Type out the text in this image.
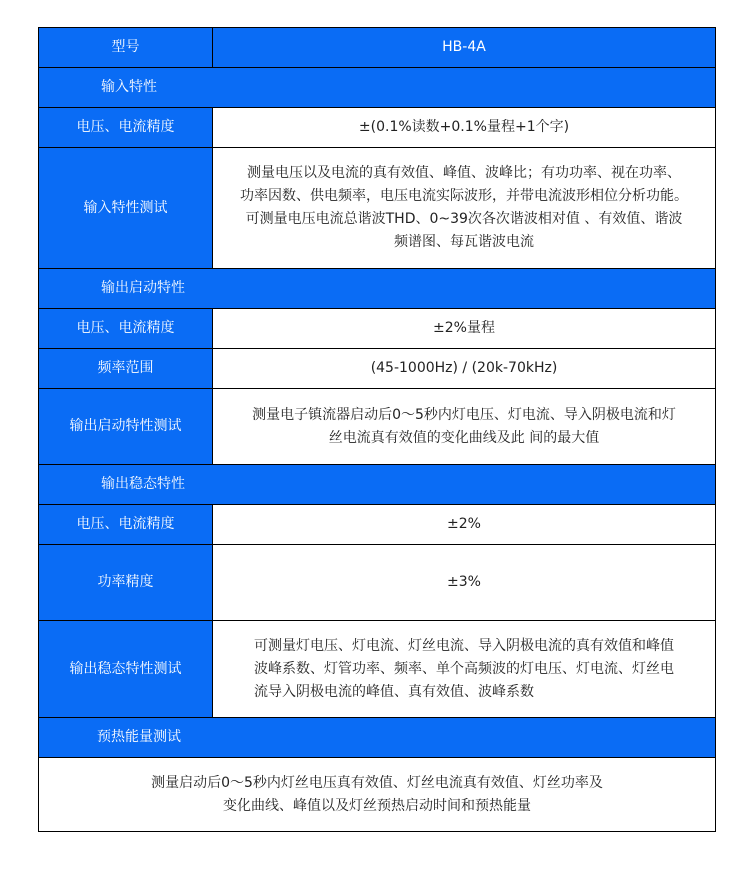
型号	HB-4A
输入特性	
电压、电流精度	±(0.1%读数+0.1%量程+1个字)
输入特性测试	测量电压以及电流的真有效值、峰值、波峰比；有功功率、视在功率、
功率因数、供电频率，电压电流实际波形，并带电流波形相位分析功能。
可测量电压电流总谐波THD、0~39次各次谐波相对值 、有效值、谐波
频谱图、每瓦谐波电流

输出启动特性	
电压、电流精度	±2%量程
频率范围	(45-1000Hz) / (20k-70kHz)
输出启动特性测试	测量电子镇流器启动后0～5秒内灯电压、灯电流、导入阴极电流和灯
丝电流真有效值的变化曲线及此 间的最大值

输出稳态特性	
电压、电流精度	±2%
功率精度	±3%
输出稳态特性测试	可测量灯电压、灯电流、灯丝电流、导入阴极电流的真有效值和峰值
波峰系数、灯管功率、频率、单个高频波的灯电压、灯电流、灯丝电
流导入阴极电流的峰值、真有效值、波峰系数

预热能量测试	

测量启动后0～5秒内灯丝电压真有效值、灯丝电流真有效值、灯丝功率及
变化曲线、峰值以及灯丝预热启动时间和预热能量	
